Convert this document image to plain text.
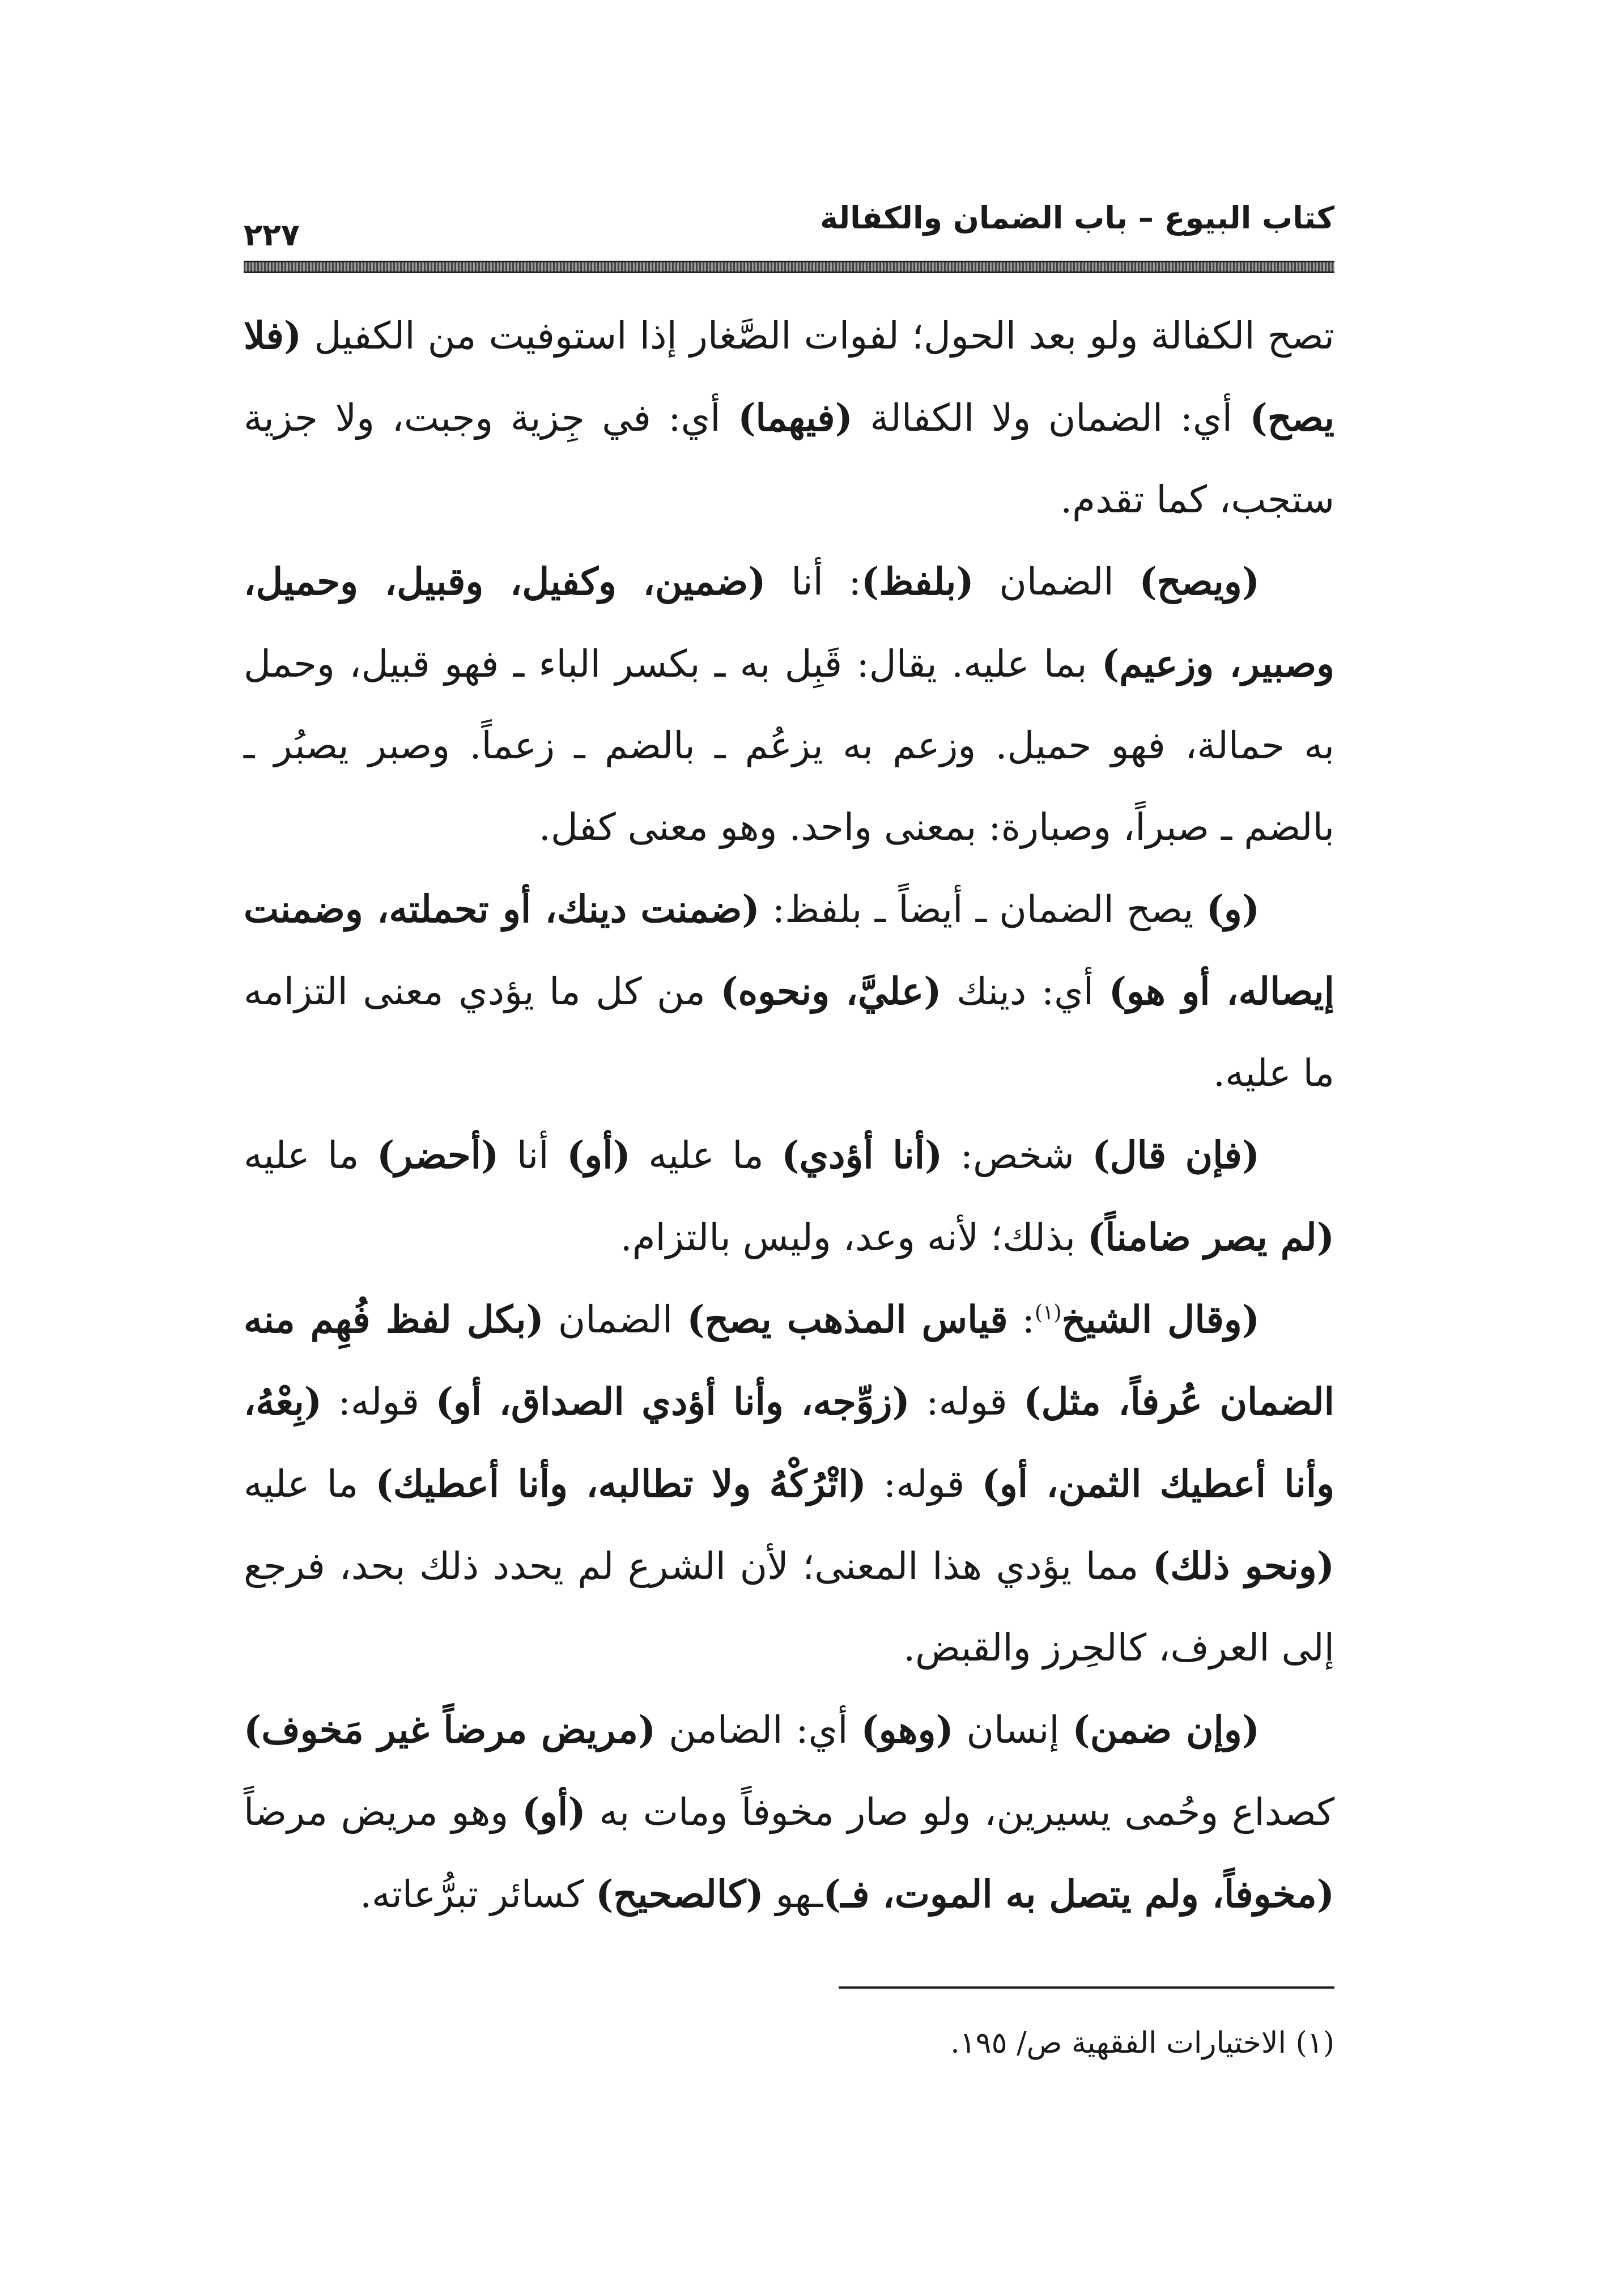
كتاب البيوع – باب الضمان والكفالة
٢٢٧

تصح الكفالة ولو بعد الحول؛ لفوات الصَّغار إذا استوفيت من الكفيل (فلا يصح) أي: الضمان ولا الكفالة (فيهما) أي: في جِزية وجبت، ولا جزية ستجب، كما تقدم.

(ويصح) الضمان (بلفظ): أنا (ضمين، وكفيل، وقبيل، وحميل، وصبير، وزعيم) بما عليه. يقال: قَبِل به ـ بكسر الباء ـ فهو قبيل، وحمل به حمالة، فهو حميل. وزعم به يزعُم ـ بالضم ـ زعماً. وصبر يصبُر ـ بالضم ـ صبراً، وصبارة: بمعنى واحد. وهو معنى كفل.

(و) يصح الضمان ـ أيضاً ـ بلفظ: (ضمنت دينك، أو تحملته، وضمنت إيصاله، أو هو) أي: دينك (عليَّ، ونحوه) من كل ما يؤدي معنى التزامه ما عليه.

(فإن قال) شخص: (أنا أؤدي) ما عليه (أو) أنا (أحضر) ما عليه (لم يصر ضامناً) بذلك؛ لأنه وعد، وليس بالتزام.

(وقال الشيخ$^{(١)}$: قياس المذهب يصح) الضمان (بكل لفظ فُهِم منه الضمان عُرفاً، مثل) قوله: (زوِّجه، وأنا أؤدي الصداق، أو) قوله: (بِعْهُ، وأنا أعطيك الثمن، أو) قوله: (اتْرُكْهُ ولا تطالبه، وأنا أعطيك) ما عليه (ونحو ذلك) مما يؤدي هذا المعنى؛ لأن الشرع لم يحدد ذلك بحد، فرجع إلى العرف، كالحِرز والقبض.

(وإن ضمن) إنسان (وهو) أي: الضامن (مريض مرضاً غير مَخوف) كصداع وحُمى يسيرين، ولو صار مخوفاً ومات به (أو) وهو مريض مرضاً (مخوفاً، ولم يتصل به الموت، فـ)ـهو (كالصحيح) كسائر تبرُّعاته.

(١) الاختيارات الفقهية ص/ ١٩٥.
